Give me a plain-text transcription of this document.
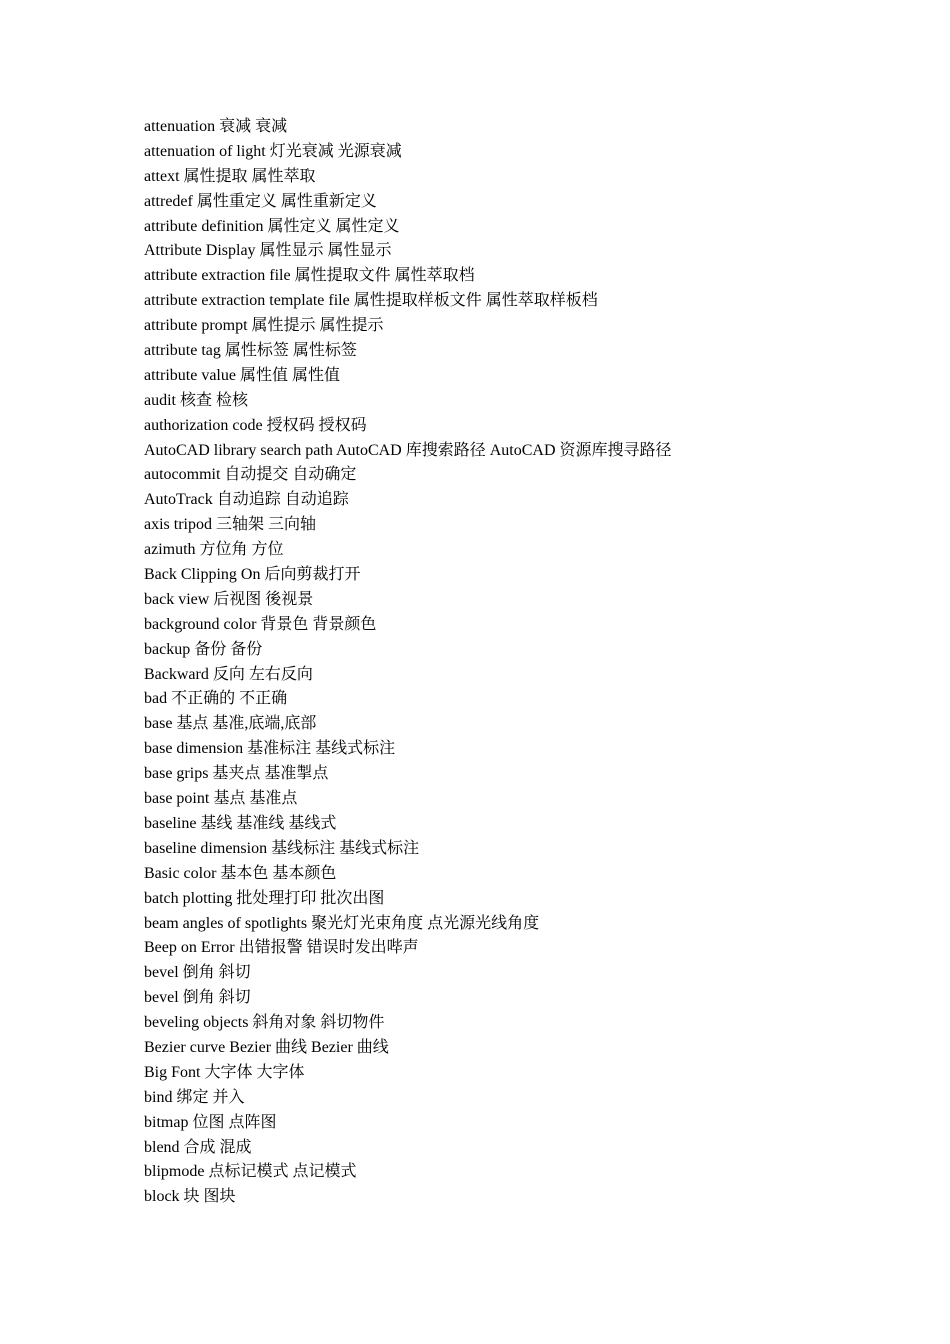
attenuation 衰减 衰减
attenuation of light 灯光衰减 光源衰减
attext 属性提取 属性萃取
attredef 属性重定义 属性重新定义
attribute definition 属性定义 属性定义
Attribute Display 属性显示 属性显示
attribute extraction file 属性提取文件 属性萃取档
attribute extraction template file 属性提取样板文件 属性萃取样板档
attribute prompt 属性提示 属性提示
attribute tag 属性标签 属性标签
attribute value 属性值 属性值
audit 核查 检核
authorization code 授权码 授权码
AutoCAD library search path AutoCAD 库搜索路径 AutoCAD 资源库搜寻路径
autocommit 自动提交 自动确定
AutoTrack 自动追踪 自动追踪
axis tripod 三轴架 三向轴
azimuth 方位角 方位
Back Clipping On 后向剪裁打开
back view 后视图 後视景
background color 背景色 背景颜色
backup 备份 备份
Backward 反向 左右反向
bad 不正确的 不正确
base 基点 基准,底端,底部
base dimension 基准标注 基线式标注
base grips 基夹点 基准掣点
base point 基点 基准点
baseline 基线 基准线 基线式
baseline dimension 基线标注 基线式标注
Basic color 基本色 基本颜色
batch plotting 批处理打印 批次出图
beam angles of spotlights 聚光灯光束角度 点光源光线角度
Beep on Error 出错报警 错误时发出哔声
bevel 倒角 斜切
bevel 倒角 斜切
beveling objects 斜角对象 斜切物件
Bezier curve Bezier 曲线 Bezier 曲线
Big Font 大字体 大字体
bind 绑定 并入
bitmap 位图 点阵图
blend 合成 混成
blipmode 点标记模式 点记模式
block 块 图块
